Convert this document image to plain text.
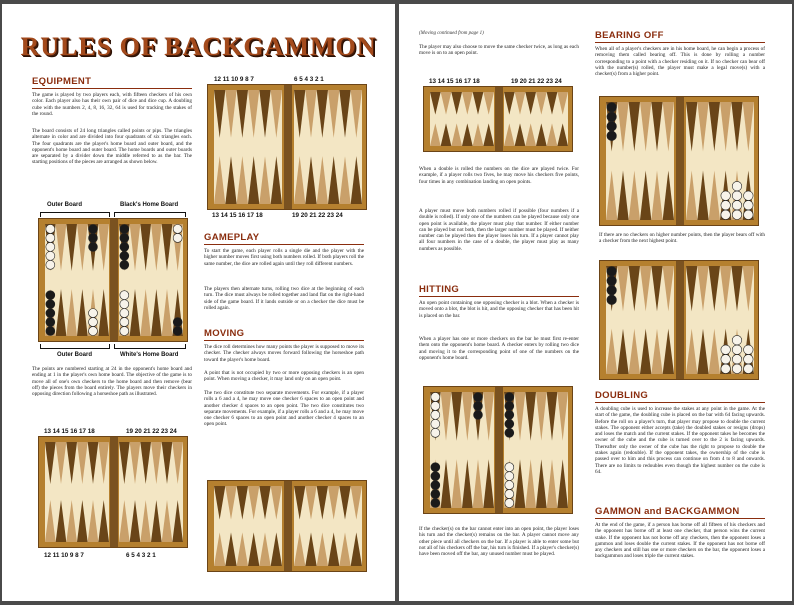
RULES OF BACKGAMMON
EQUIPMENT
The game is played by two players each, with fifteen checkers of his own color. Each player also has their own pair of dice and dice cup. A doubling cube with the numbers 2, 4, 8, 16, 32, 64 is used for tracking the stakes of the round.
The board consists of 24 long triangles called points or pips. The triangles alternate in color and are divided into four quadrants of six triangles each. The four quadrants are the player's home board and outer board, and the opponent's home board and outer board. The home boards and outer boards are separated by a divider down the middle referred to as the bar. The starting positions of the pieces are arranged as shown below.
Outer Board	Black's Home Board
Outer Board	White's Home Board
The points are numbered starting at 24 in the opponent's home board and ending at 1 in the player's own home board. The objective of the game is to move all of one's own checkers to the home board and then remove (bear off) the pieces from the board entirely. The players move their checkers in opposing direction following a horseshoe path as illustrated.
12 11 10 9 8 7	6 5 4 3 2 1
13 14 15 16 17 18	19 20 21 22 23 24
GAMEPLAY
To start the game, each player rolls a single die and the player with the higher number moves first using both numbers rolled. If both players roll the same number, the dice are rolled again until they roll different numbers.
The players then alternate turns, rolling two dice at the beginning of each turn. The dice must always be rolled together and land flat on the right-hand side of the game board. If it lands outside or on a checker the dice must be rolled again.
MOVING
The dice roll determines how many points the player is supposed to move its checker. The checker always moves forward following the horseshoe path toward the player's home board.
A point that is not occupied by two or more opposing checkers is an open point. When moving a checker, it may land only on an open point.
The two dice constitute two separate movements. For example, if a player rolls a 6 and a 4, he may move one checker 6 spaces to an open point and another checker 4 spaces to an open point. The two dice constitutes two separate movements. For example, if a player rolls a 6 and a 4, he may move one checker 6 spaces to an open point and another checker 4 spaces to an open point.
13 14 15 16 17 18	19 20 21 22 23 24
12 11 10 9 8 7	6 5 4 3 2 1
(Moving continued from page 1)
The player may also choose to move the same checker twice, as long as each move is on to an open point.
13 14 15 16 17 18	19 20 21 22 23 24
When a double is rolled the numbers on the dice are played twice. For example, if a player rolls two fives, he may move his checkers five points, four times in any combination landing on open points.
A player must move both numbers rolled if possible (four numbers if a double is rolled). If only one of the numbers can be played because only one open point is available, the player must play that number. If either number can be played but not both, then the larger number must be played. If neither number can be played then the player loses his turn. If a player cannot play all four numbers in the case of a double, the player must play as many numbers as possible.
HITTING
An open point containing one opposing checker is a blot. When a checker is moved onto a blot, the blot is hit, and the opposing checker that has been hit is placed on the bar.
When a player has one or more checkers on the bar he must first re-enter them onto the opponent's home board. A checker enters by rolling two dice and moving it to the corresponding point of one of the numbers on the opponent's home board.
If the checker(s) on the bar cannot enter into an open point, the player loses his turn and the checker(s) remains on the bar. A player cannot move any other piece until all checkers on the bar. If a player is able to enter some but not all of his checkers off the bar, his turn is finished. If a player's checker(s) have been moved off the bar, any unused number must be played.
BEARING OFF
When all of a player's checkers are in his home board, he can begin a process of removing them called bearing off. This is done by rolling a number corresponding to a point with a checker residing on it. If no checker can bear off with the number(s) rolled, the player must make a legal move(s) with a checker(s) from a higher point.
If there are no checkers on higher number points, then the player bears off with a checker from the next highest point.
DOUBLING
A doubling cube is used to increase the stakes at any point in the game. At the start of the game, the doubling cube is placed on the bar with 64 facing upwards. Before the roll on a player's turn, that player may propose to double the current stakes. The opponent either accepts (take) the doubled stakes or resigns (drops) and loses the match and the current stakes. If the opponent takes he becomes the owner of the cube and the cube is turned over to the 2 is facing upwards. Thereafter only the owner of the cube has the right to propose to double the stakes again (redouble). If the opponent takes, the ownership of the cube is passed over to him and this process can continue on from 4 to 8 and onwards. There are no limits to redoubles even though the highest number on the cube is 64.
GAMMON and BACKGAMMON
At the end of the game, if a person has borne off all fifteen of his checkers and the opponent has borne off at least one checker, that person wins the current stake. If the opponent has not borne off any checkers, then the opponent loses a gammon and loses double the current stakes. If the opponent has not borne off any checkers and still has one or more checkers on the bar, the opponent loses a backgammon and loses triple the current stakes.
